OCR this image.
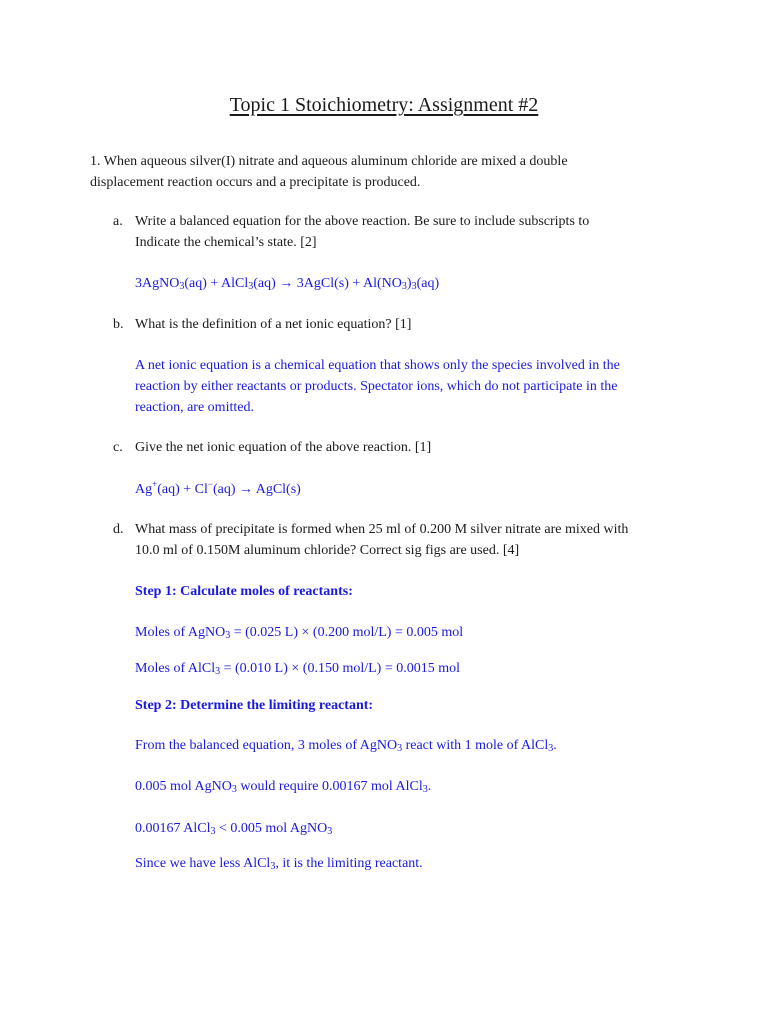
Topic 1 Stoichiometry: Assignment #2
1. When aqueous silver(I) nitrate and aqueous aluminum chloride are mixed a double
displacement reaction occurs and a precipitate is produced.
a. Write a balanced equation for the above reaction. Be sure to include subscripts to
Indicate the chemical’s state. [2]
3AgNO$_3$(aq) + AlCl$_3$(aq) → 3AgCl(s) + $Al(NO_3)_3(aq)$
b. What is the definition of a net ionic equation? [1]
A net ionic equation is a chemical equation that shows only the species involved in the
reaction by either reactants or products. Spectator ions, which do not participate in the
reaction, are omitted.
c. Give the net ionic equation of the above reaction. [1]
Ag+(aq) + Cl−(aq) → AgCl(s)
d. What mass of precipitate is formed when 25 ml of 0.200 M silver nitrate are mixed with
10.0 ml of 0.150M aluminum chloride? Correct sig figs are used. [4]
Step 1: Calculate moles of reactants:
Moles of AgNO$_3$ = (0.025 L) × (0.200 mol/L) = 0.005 mol
Moles of AlCl$_3$ = (0.010 L) × (0.150 mol/L) = 0.0015 mol
Step 2: Determine the limiting reactant:
From the balanced equation, 3 moles of AgNO$_3$ react with 1 mole of AlCl$_3$.
0.005 mol AgNO$_3$ would require 0.00167 mol AlCl$_3$.
0.00167 AlCl$_3$ < 0.005 mol AgNO$_3$
Since we have less AlCl$_3$, it is the limiting reactant.
